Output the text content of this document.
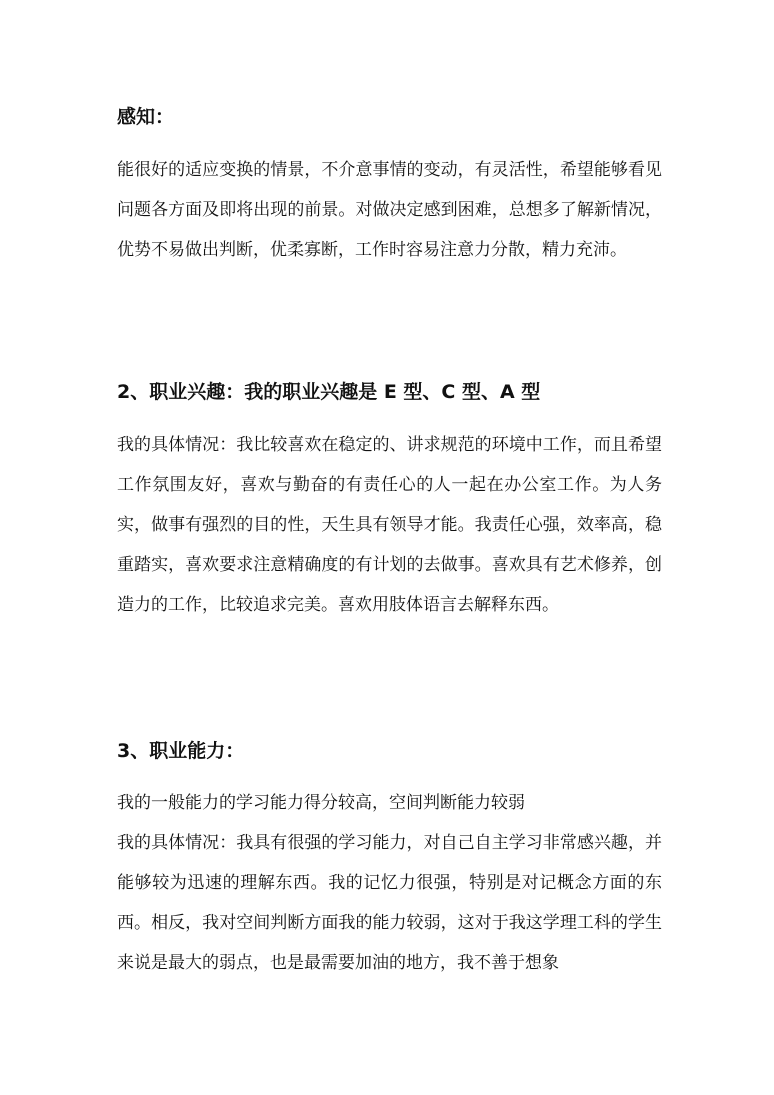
感知：

能很好的适应变换的情景，不介意事情的变动，有灵活性，希望能够看见问题各方面及即将出现的前景。对做决定感到困难，总想多了解新情况，优势不易做出判断，优柔寡断，工作时容易注意力分散，精力充沛。

2、职业兴趣：我的职业兴趣是 E 型、C 型、A 型

我的具体情况：我比较喜欢在稳定的、讲求规范的环境中工作，而且希望工作氛围友好，喜欢与勤奋的有责任心的人一起在办公室工作。为人务实，做事有强烈的目的性，天生具有领导才能。我责任心强，效率高，稳重踏实，喜欢要求注意精确度的有计划的去做事。喜欢具有艺术修养，创造力的工作，比较追求完美。喜欢用肢体语言去解释东西。

3、职业能力：

我的一般能力的学习能力得分较高，空间判断能力较弱

我的具体情况：我具有很强的学习能力，对自己自主学习非常感兴趣，并能够较为迅速的理解东西。我的记忆力很强，特别是对记概念方面的东西。相反，我对空间判断方面我的能力较弱，这对于我这学理工科的学生来说是最大的弱点，也是最需要加油的地方，我不善于想象
